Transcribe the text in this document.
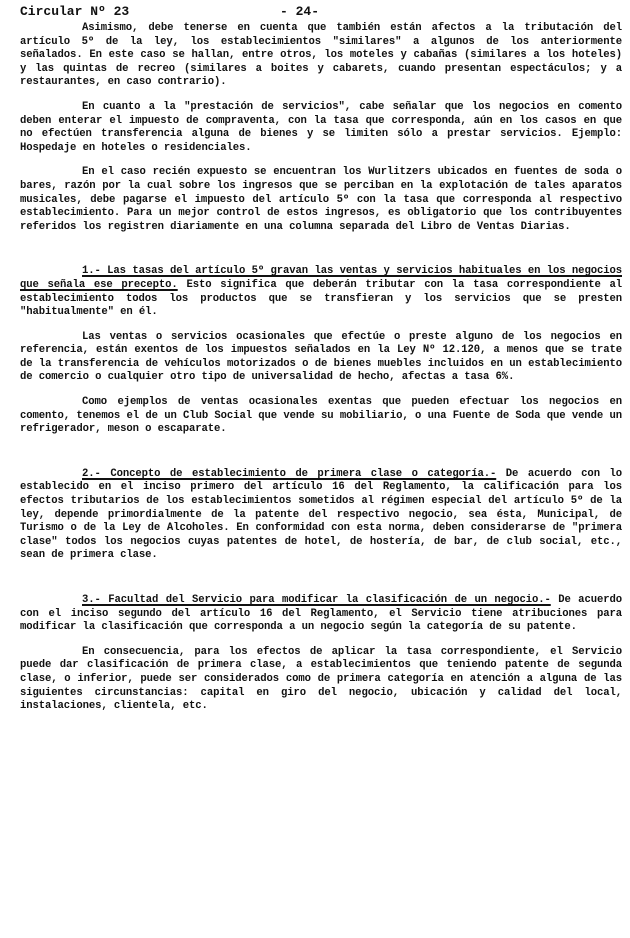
Circular Nº 23	- 24-

Asimismo, debe tenerse en cuenta que también están afectos a la tributación del artículo 5º de la ley, los establecimientos "similares" a algunos de los anteriormente señalados. En este caso se hallan, entre otros, los moteles y cabañas (similares a los hoteles) y las quintas de recreo (similares a boites y cabarets, cuando presentan espectáculos; y a restaurantes, en caso contrario).

En cuanto a la "prestación de servicios", cabe señalar que los negocios en comento deben enterar el impuesto de compraventa, con la tasa que corresponda, aún en los casos en que no efectúen transferencia alguna de bienes y se limiten sólo a prestar servicios. Ejemplo: Hospedaje en hoteles o residenciales.

En el caso recién expuesto se encuentran los Wurlitzers ubicados en fuentes de soda o bares, razón por la cual sobre los ingresos que se perciban en la explotación de tales aparatos musicales, debe pagarse el impuesto del artículo 5º con la tasa que corresponda al respectivo establecimiento. Para un mejor control de estos ingresos, es obligatorio que los contribuyentes referidos los registren diariamente en una columna separada del Libro de Ventas Diarias.

1.- Las tasas del artículo 5º gravan las ventas y servicios habituales en los negocios que señala ese precepto. Esto significa que deberán tributar con la tasa correspondiente al establecimiento todos los productos que se transfieran y los servicios que se presten "habitualmente" en él.

Las ventas o servicios ocasionales que efectúe o preste alguno de los negocios en referencia, están exentos de los impuestos señalados en la Ley Nº 12.120, a menos que se trate de la transferencia de vehículos motorizados o de bienes muebles incluidos en un establecimiento de comercio o cualquier otro tipo de universalidad de hecho, afectas a tasa 6%.

Como ejemplos de ventas ocasionales exentas que pueden efectuar los negocios en comento, tenemos el de un Club Social que vende su mobiliario, o una Fuente de Soda que vende un refrigerador, meson o escaparate.

2.- Concepto de establecimiento de primera clase o categoría.- De acuerdo con lo establecido en el inciso primero del artículo 16 del Reglamento, la calificación para los efectos tributarios de los establecimientos sometidos al régimen especial del artículo 5º de la ley, depende primordialmente de la patente del respectivo negocio, sea ésta, Municipal, de Turismo o de la Ley de Alcoholes. En conformidad con esta norma, deben considerarse de "primera clase" todos los negocios cuyas patentes de hotel, de hostería, de bar, de club social, etc., sean de primera clase.

3.- Facultad del Servicio para modificar la clasificación de un negocio.- De acuerdo con el inciso segundo del artículo 16 del Reglamento, el Servicio tiene atribuciones para modificar la clasificación que corresponda a un negocio según la categoría de su patente.

En consecuencia, para los efectos de aplicar la tasa correspondiente, el Servicio puede dar clasificación de primera clase, a establecimientos que teniendo patente de segunda clase, o inferior, puede ser considerados como de primera categoría en atención a alguna de las siguientes circunstancias: capital en giro del negocio, ubicación y calidad del local, instalaciones, clientela, etc.
